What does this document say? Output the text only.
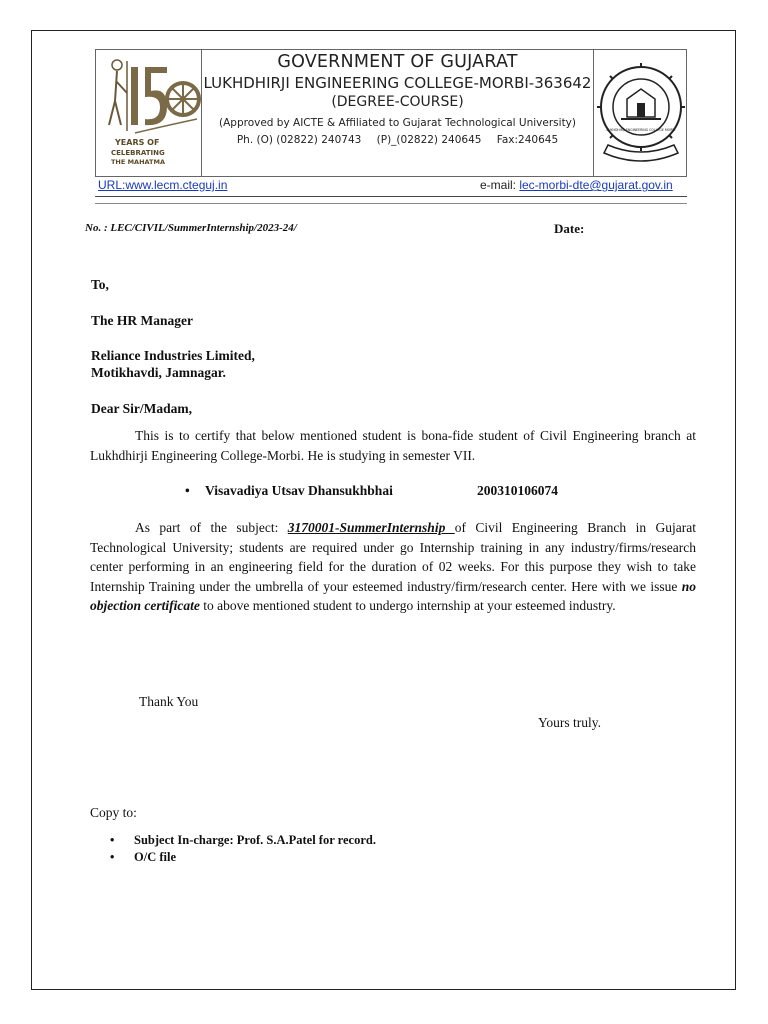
YEARS OF
CELEBRATING
THE MAHATMA
GOVERNMENT OF GUJARAT
LUKHDHIRJI ENGINEERING COLLEGE-MORBI-363642
(DEGREE-COURSE)
(Approved by AICTE & Affiliated to Gujarat Technological University)
Ph. (O) (02822) 240743 (P)_(02822) 240645 Fax:240645
LUKHDHIRJI ENGINEERING COLLEGE MORBI
URL:www.lecm.cteguj.in	e-mail: lec-morbi-dte@gujarat.gov.in
No. : LEC/CIVIL/SummerInternship/2023-24/	Date:
To,
The HR Manager
Reliance Industries Limited,
Motikhavdi, Jamnagar.
Dear Sir/Madam,

This is to certify that below mentioned student is bona-fide student of Civil Engineering branch at Lukhdhirji Engineering College-Morbi. He is studying in semester VII.

• Visavadiya Utsav Dhansukhbhai	200310106074

As part of the subject: 3170001-SummerInternship of Civil Engineering Branch in Gujarat Technological University; students are required under go Internship training in any industry/firms/research center performing in an engineering field for the duration of 02 weeks. For this purpose they wish to take Internship Training under the umbrella of your esteemed industry/firm/research center. Here with we issue no objection certificate to above mentioned student to undergo internship at your esteemed industry.

Thank You
Yours truly.
Copy to:
• Subject In-charge: Prof. S.A.Patel for record.
• O/C file
